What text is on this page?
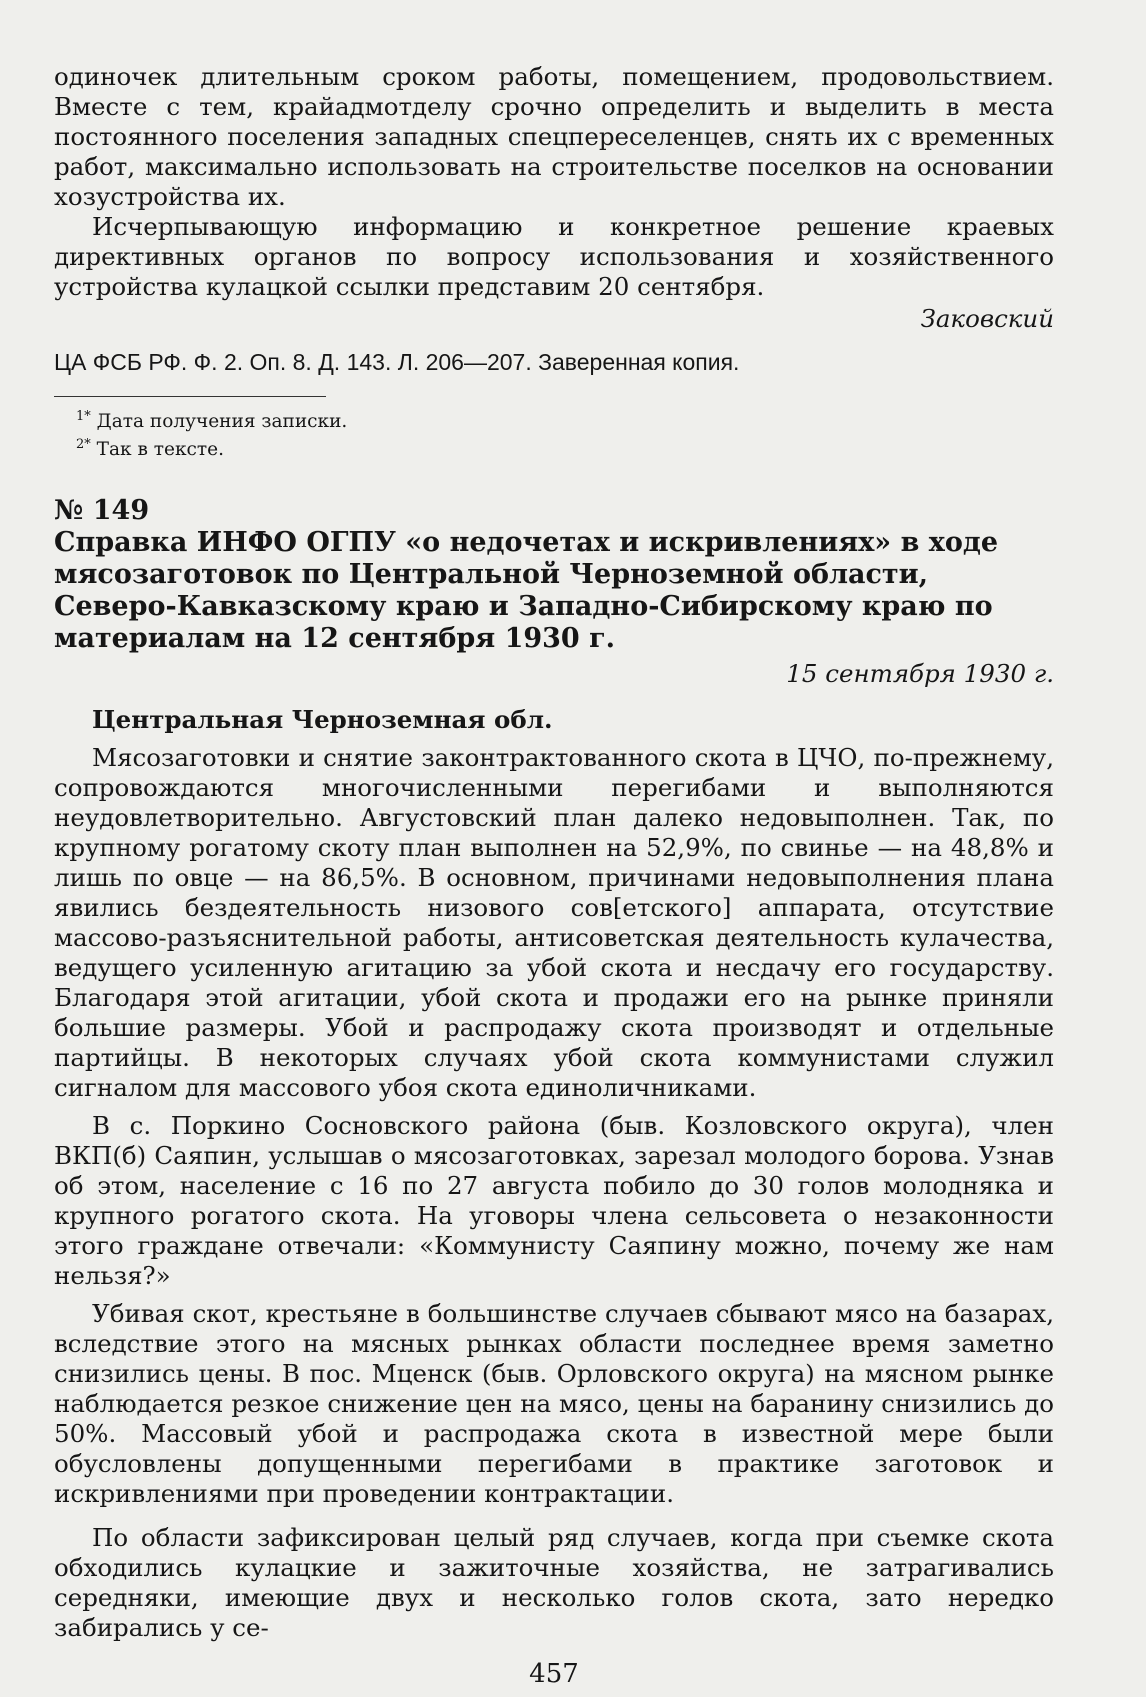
одиночек длительным сроком работы, помещением, продовольствием. Вместе с тем, крайадмотделу срочно определить и выделить в места постоянного поселения западных спецпереселенцев, снять их с временных работ, максимально использовать на строительстве поселков на основании хозустройства их.

Исчерпывающую информацию и конкретное решение краевых директивных органов по вопросу использования и хозяйственного устройства кулацкой ссылки представим 20 сентября.

Заковский

ЦА ФСБ РФ. Ф. 2. Оп. 8. Д. 143. Л. 206—207. Заверенная копия.

$^{1*}$ Дата получения записки.

$^{2*}$ Так в тексте.

№ 149

Справка ИНФО ОГПУ «о недочетах и искривлениях» в ходе мясозаготовок по Центральной Черноземной области, Северо-Кавказскому краю и Западно-Сибирскому краю по материалам на 12 сентября 1930 г.

15 сентября 1930 г.

Центральная Черноземная обл.

Мясозаготовки и снятие законтрактованного скота в ЦЧО, по-прежнему, сопровождаются многочисленными перегибами и выполняются неудовлетворительно. Августовский план далеко недовыполнен. Так, по крупному рогатому скоту план выполнен на 52,9%, по свинье — на 48,8% и лишь по овце — на 86,5%. В основном, причинами недовыполнения плана явились бездеятельность низового сов[етского] аппарата, отсутствие массово-разъяснительной работы, антисоветская деятельность кулачества, ведущего усиленную агитацию за убой скота и несдачу его государству. Благодаря этой агитации, убой скота и продажи его на рынке приняли большие размеры. Убой и распродажу скота производят и отдельные партийцы. В некоторых случаях убой скота коммунистами служил сигналом для массового убоя скота единоличниками.

В с. Поркино Сосновского района (быв. Козловского округа), член ВКП(б) Саяпин, услышав о мясозаготовках, зарезал молодого борова. Узнав об этом, население с 16 по 27 августа побило до 30 голов молодняка и крупного рогатого скота. На уговоры члена сельсовета о незаконности этого граждане отвечали: «Коммунисту Саяпину можно, почему же нам нельзя?»

Убивая скот, крестьяне в большинстве случаев сбывают мясо на базарах, вследствие этого на мясных рынках области последнее время заметно снизились цены. В пос. Мценск (быв. Орловского округа) на мясном рынке наблюдается резкое снижение цен на мясо, цены на баранину снизились до 50%. Массовый убой и распродажа скота в известной мере были обусловлены допущенными перегибами в практике заготовок и искривлениями при проведении контрактации.

По области зафиксирован целый ряд случаев, когда при съемке скота обходились кулацкие и зажиточные хозяйства, не затрагивались середняки, имеющие двух и несколько голов скота, зато нередко забирались у се-

457
